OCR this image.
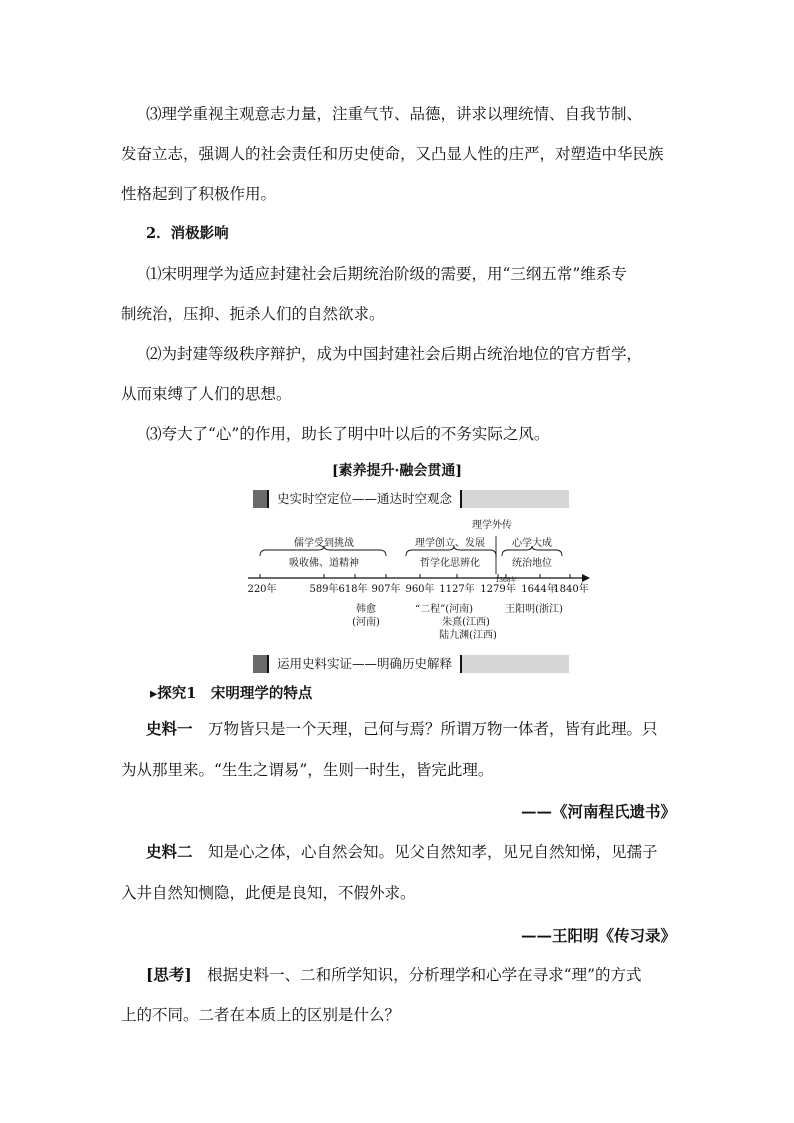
⑶理学重视主观意志力量，注重气节、品德，讲求以理统情、自我节制、
发奋立志，强调人的社会责任和历史使命，又凸显人性的庄严，对塑造中华民族
性格起到了积极作用。
2．消极影响
⑴宋明理学为适应封建社会后期统治阶级的需要，用“三纲五常”维系专
制统治，压抑、扼杀人们的自然欲求。
⑵为封建等级秩序辩护，成为中国封建社会后期占统治地位的官方哲学，
从而束缚了人们的思想。
⑶夸大了“心”的作用，助长了明中叶以后的不务实际之风。
[素养提升·融会贯通]
史实时空定位——通达时空观念
儒学受到挑战
吸收佛、道精神
理学创立、发展
哲学化思辨化
理学外传
心学大成
统治地位
220年	589年 618年 907年 960年 1127年 1279年
1368年
1644年
1840年
韩愈
(河南)
“二程”(河南)
朱熹(江西)
陆九渊(江西)
王阳明(浙江)
运用史料实证——明确历史解释
▸探究1　宋明理学的特点
史料一　万物皆只是一个天理，己何与焉？所谓万物一体者，皆有此理。只
为从那里来。“生生之谓易”，生则一时生，皆完此理。
——《河南程氏遗书》
史料二　知是心之体，心自然会知。见父自然知孝，见兄自然知悌，见孺子
入井自然知恻隐，此便是良知，不假外求。
——王阳明《传习录》
[思考]　根据史料一、二和所学知识，分析理学和心学在寻求“理”的方式
上的不同。二者在本质上的区别是什么？
